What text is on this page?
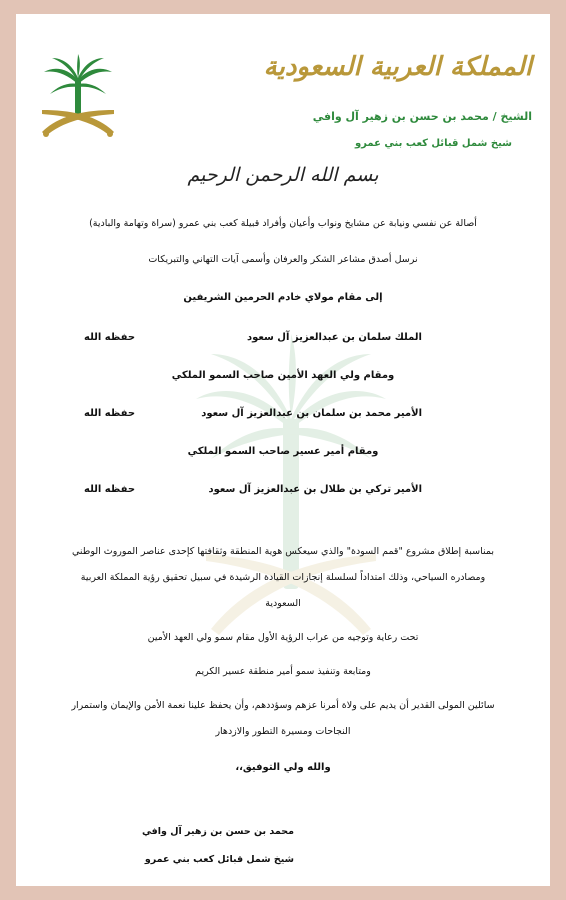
المملكة العربية السعودية
الشيخ / محمد بن حسن بن زهير آل وافي
شيخ شمل قبائل كعب بني عمرو
بسم الله الرحمن الرحيم
أصالة عن نفسي ونيابة عن مشايخ ونواب وأعيان وأفراد قبيلة كعب بني عمرو (سراة وتهامة والبادية)
نرسل أصدق مشاعر الشكر والعرفان وأسمى آيات التهاني والتبريكات
إلى مقام مولاي خادم الحرمين الشريفين
الملك سلمان بن عبدالعزيز آل سعود
حفظه الله
ومقام ولي العهد الأمين صاحب السمو الملكي
الأمير محمد بن سلمان بن عبدالعزيز آل سعود
حفظه الله
ومقام أمير عسير صاحب السمو الملكي
الأمير تركي بن طلال بن عبدالعزيز آل سعود
حفظه الله
بمناسبة إطلاق مشروع "قمم السودة" والذي سيعكس هوية المنطقة وثقافتها كإحدى عناصر الموروث الوطني
ومصادره السياحي، وذلك امتداداً لسلسلة إنجازات القيادة الرشيدة في سبيل تحقيق رؤية المملكة العربية
السعودية
تحت رعاية وتوجيه من عراب الرؤية الأول مقام سمو ولي العهد الأمين
ومتابعة وتنفيذ سمو أمير منطقة عسير الكريم
سائلين المولى القدير أن يديم على ولاة أمرنا عزهم وسؤددهم، وأن يحفظ علينا نعمة الأمن والإيمان واستمرار
النجاحات ومسيرة التطور والازدهار
والله ولي التوفيق،،
محمد بن حسن بن زهير آل وافي
شيخ شمل قبائل كعب بني عمرو
